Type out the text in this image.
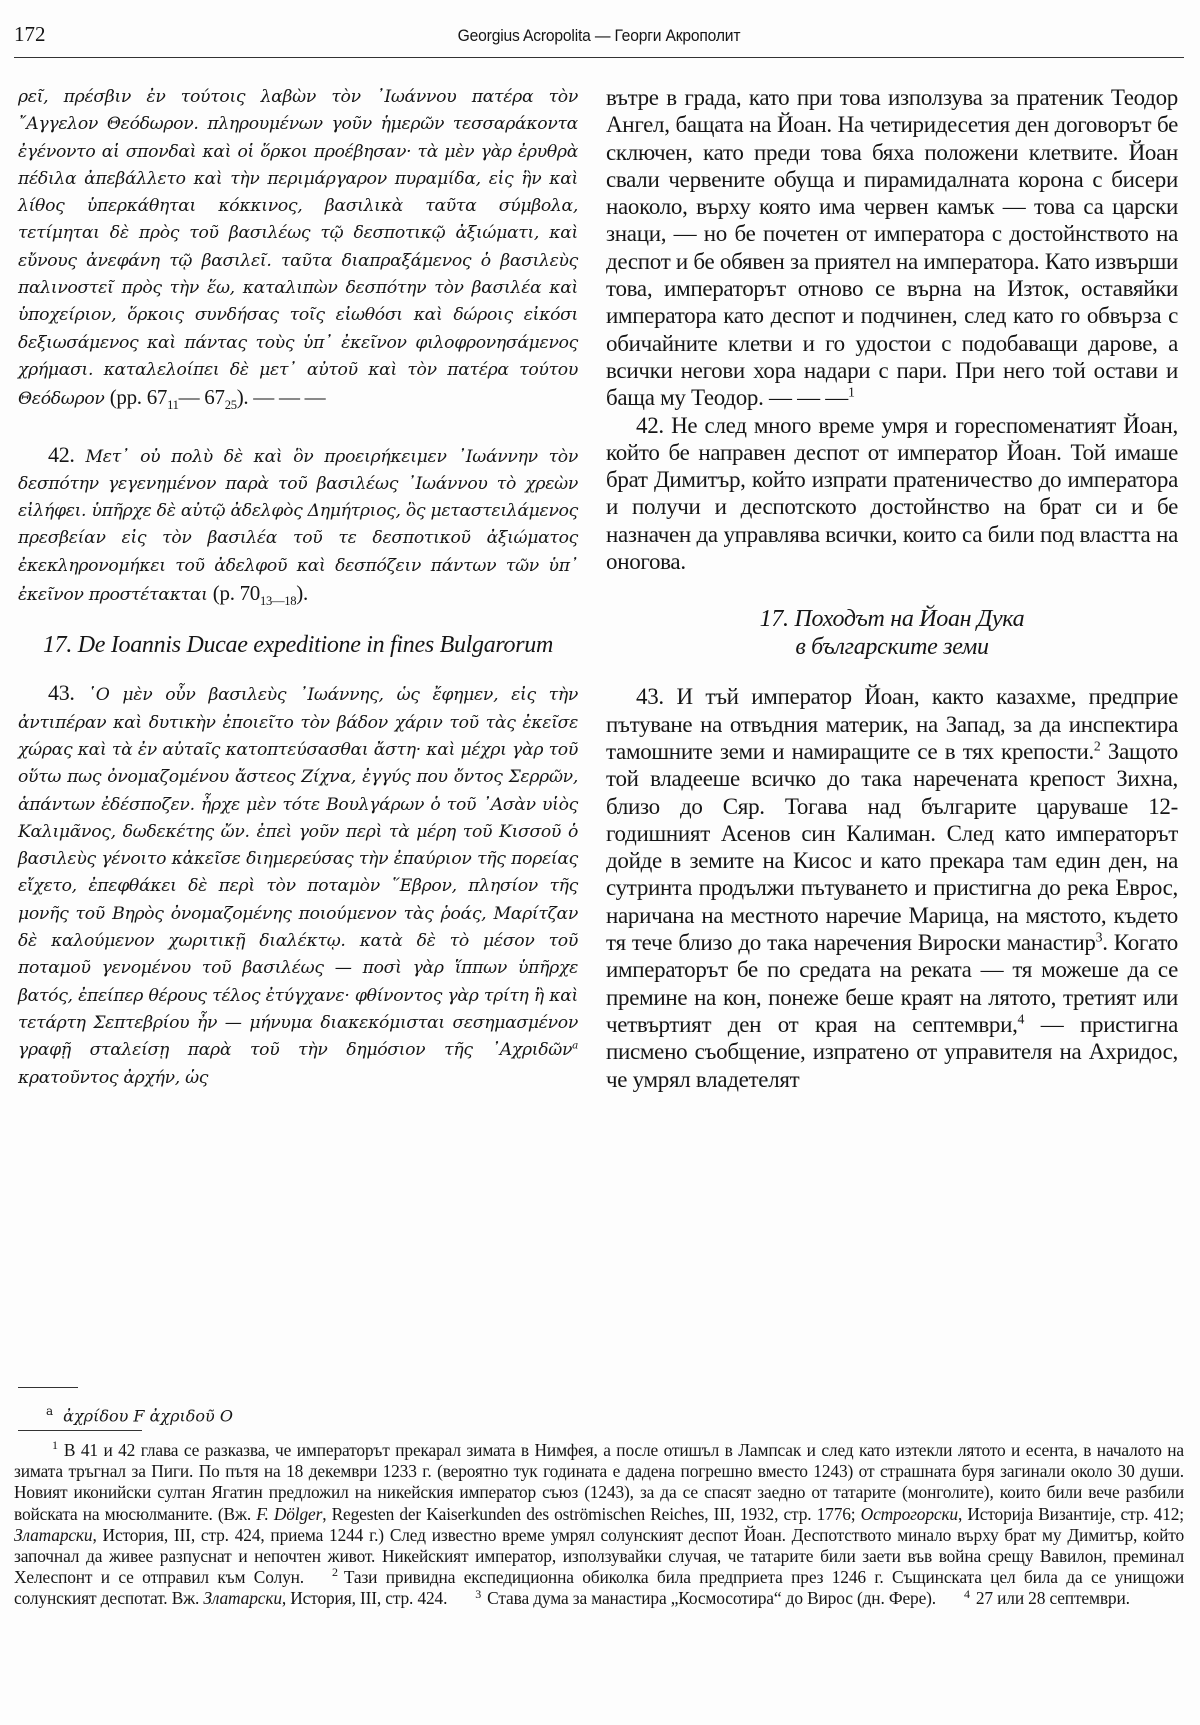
172	Georgius Acropolita — Георги Акрополит

ρεῖ, πρέσβιν ἐν τούτοις λαβὼν τὸν ᾿Ιωάννου πατέρα τὸν ῎Αγγελον Θεόδωρον. πληρουμένων γοῦν ἡμερῶν τεσσαράκοντα ἐγένοντο αἱ σπονδαὶ καὶ οἱ ὅρκοι προέβησαν· τὰ μὲν γὰρ ἐρυθρὰ πέδιλα ἀπεβάλλετο καὶ τὴν περιμάργαρον πυραμίδα, εἰς ἣν καὶ λίθος ὑπερκάθηται κόκκινος, βασιλικὰ ταῦτα σύμβολα, τετίμηται δὲ πρὸς τοῦ βασιλέως τῷ δεσποτικῷ ἀξιώματι, καὶ εὔνους ἀνεφάνη τῷ βασιλεῖ. ταῦτα διαπραξάμενος ὁ βασιλεὺς παλινοστεῖ πρὸς τὴν ἕω, καταλιπὼν δεσπότην τὸν βασιλέα καὶ ὑποχείριον, ὅρκοις συνδήσας τοῖς εἰωθόσι καὶ δώροις εἰκόσι δεξιωσάμενος καὶ πάντας τοὺς ὑπ᾿ ἐκεῖνον φιλοφρονησάμενος χρήμασι. καταλελοίπει δὲ μετ᾿ αὐτοῦ καὶ τὸν πατέρα τούτου Θεόδωρον (pp. $67_{11}—$ $67_{25}$). — — —

42. Μετ᾿ οὐ πολὺ δὲ καὶ ὃν προειρήκειμεν ᾿Ιωάννην τὸν δεσπότην γεγενημένον παρὰ τοῦ βασιλέως ᾿Ιωάννου τὸ χρεὼν εἰλήφει. ὑπῆρχε δὲ αὐτῷ ἀδελφὸς Δημήτριος, ὃς μεταστειλάμενος πρεσβείαν εἰς τὸν βασιλέα τοῦ τε δεσποτικοῦ ἀξιώματος ἐκεκληρονομήκει τοῦ ἀδελφοῦ καὶ δεσπόζειν πάντων τῶν ὑπ᾿ ἐκεῖνον προστέτακται (p. $70_{13—18}$).

17. De Ioannis Ducae expeditione in fines Bulgarorum

43. ῾Ο μὲν οὖν βασιλεὺς ᾿Ιωάννης, ὡς ἔφημεν, εἰς τὴν ἀντιπέραν καὶ δυτικὴν ἐποιεῖτο τὸν βάδον χάριν τοῦ τὰς ἐκεῖσε χώρας καὶ τὰ ἐν αὐταῖς κατοπτεύσασθαι ἄστη· καὶ μέχρι γὰρ τοῦ οὕτω πως ὀνομαζομένου ἄστεος Ζίχνα, ἐγγύς που ὄντος Σερρῶν, ἁπάντων ἐδέσποζεν. ἦρχε μὲν τότε Βουλγάρων ὁ τοῦ ᾿Ασὰν υἱὸς Καλιμᾶνος, δωδεκέτης ὤν. ἐπεὶ γοῦν περὶ τὰ μέρη τοῦ Κισσοῦ ὁ βασιλεὺς γένοιτο κἀκεῖσε διημερεύσας τὴν ἐπαύριον τῆς πορείας εἴχετο, ἐπεφθάκει δὲ περὶ τὸν ποταμὸν ῞Εβρον, πλησίον τῆς μονῆς τοῦ Βηρὸς ὀνομαζομένης ποιούμενον τὰς ῥοάς, Μαρίτζαν δὲ καλούμενον χωριτικῇ διαλέκτῳ. κατὰ δὲ τὸ μέσον τοῦ ποταμοῦ γενομένου τοῦ βασιλέως — ποσὶ γὰρ ἵππων ὑπῆρχε βατός, ἐπείπερ θέρους τέλος ἐτύγχανε· φθίνοντος γὰρ τρίτη ἢ καὶ τετάρτη Σεπτεβρίου ἦν — μήνυμα διακεκόμισται σεσημασμένον γραφῇ σταλείσῃ παρὰ τοῦ τὴν δημόσιον τῆς ᾿Αχριδῶν$^a$ κρατοῦντος ἀρχήν, ὡς

вътре в града, като при това използува за пратеник Теодор Ангел, бащата на Йоан. На четиридесетия ден договорът бе сключен, като преди това бяха положени клетвите. Йоан свали червените обуща и пирамидалната корона с бисери наоколо, върху която има червен камък — това са царски знаци, — но бе почетен от императора с достойнството на деспот и бе обявен за приятел на императора. Като извърши това, императорът отново се върна на Изток, оставяйки императора като деспот и подчинен, след като го обвърза с обичайните клетви и го удостои с подобаващи дарове, а всички негови хора надари с пари. При него той остави и баща му Теодор. — — —$^1$

42. Не след много време умря и гореспоменатият Йоан, който бе направен деспот от император Йоан. Той имаше брат Димитър, който изпрати пратеничество до императора и получи и деспотското достойнство на брат си и бе назначен да управлява всички, които са били под властта на оногова.

17. Походът на Йоан Дука
в българските земи

43. И тъй император Йоан, както казахме, предприе пътуване на отвъдния материк, на Запад, за да инспектира тамошните земи и намиращите се в тях крепости.$^2$ Защото той владееше всичко до така наречената крепост Зихна, близо до Сяр. Тогава над българите царуваше 12-годишният Асенов син Калиман. След като императорът дойде в земите на Кисос и като прекара там един ден, на сутринта продължи пътуването и пристигна до река Еврос, наричана на местното наречие Марица, на мястото, където тя тече близо до така наречения Вироски манастир$^3$. Когато императорът бе по средата на реката — тя можеше да се премине на кон, понеже беше краят на лятото, третият или четвъртият ден от края на септември,$^4$ — пристигна писмено съобщение, изпратено от управителя на Ахридос, че умрял владетелят

$^a$ ἀχρίδου F ἀχριδοῦ O

$^1$ В 41 и 42 глава се разказва, че императорът прекарал зимата в Нимфея, а после отишъл в Лампсак и след като изтекли лятото и есента, в началото на зимата тръгнал за Пиги. По пътя на 18 декември 1233 г. (вероятно тук годината е дадена погрешно вместо 1243) от страшната буря загинали около 30 души. Новият иконийски султан Ягатин предложил на никейския император съюз (1243), за да се спасят заедно от татарите (монголите), които били вече разбили войската на мюсюлманите. (Вж. F. Dölger, Regesten der Kaiserkunden des oströmischen Reiches, III, 1932, стр. 1776; Острогорски, Историја Византије, стр. 412; Златарски, История, III, стр. 424, приема 1244 г.) След известно време умрял солунският деспот Йоан. Деспотството минало върху брат му Димитър, който започнал да живее разпуснат и непочтен живот. Никейският император, използувайки случая, че татарите били заети във война срещу Вавилон, преминал Хелеспонт и се отправил към Солун. $^2$ Тази привидна експедиционна обиколка била предприета през 1246 г. Същинската цел била да се унищожи солунският деспотат. Вж. Златарски, История, III, стр. 424. $^3$ Става дума за манастира „Космосотира“ до Вирос (дн. Фере). $^4$ 27 или 28 септември.
